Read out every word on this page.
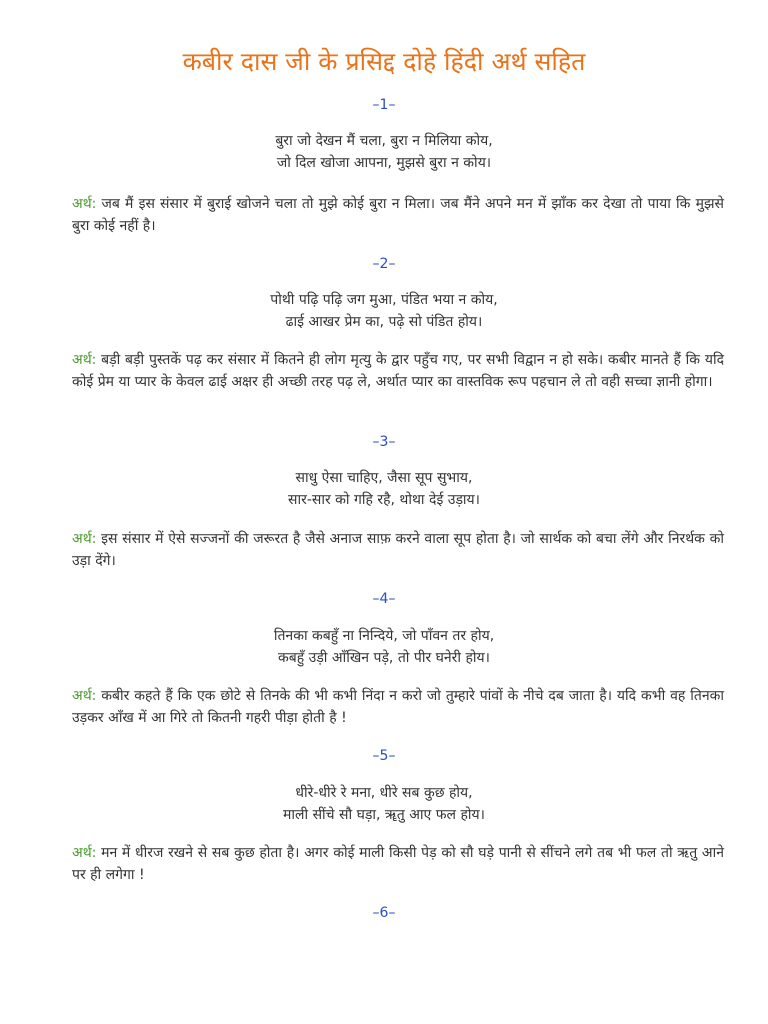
कबीर दास जी के प्रसिद्द दोहे हिंदी अर्थ सहित
–1–
बुरा जो देखन मैं चला, बुरा न मिलिया कोय,
जो दिल खोजा आपना, मुझसे बुरा न कोय।
अर्थ: जब मैं इस संसार में बुराई खोजने चला तो मुझे कोई बुरा न मिला। जब मैंने अपने मन में झाँक कर देखा तो पाया कि मुझसे बुरा कोई नहीं है।
–2–
पोथी पढ़ि पढ़ि जग मुआ, पंडित भया न कोय,
ढाई आखर प्रेम का, पढ़े सो पंडित होय।
अर्थ: बड़ी बड़ी पुस्तकें पढ़ कर संसार में कितने ही लोग मृत्यु के द्वार पहुँच गए, पर सभी विद्वान न हो सके। कबीर मानते हैं कि यदि कोई प्रेम या प्यार के केवल ढाई अक्षर ही अच्छी तरह पढ़ ले, अर्थात प्यार का वास्तविक रूप पहचान ले तो वही सच्चा ज्ञानी होगा।
–3–
साधु ऐसा चाहिए, जैसा सूप सुभाय,
सार-सार को गहि रहै, थोथा देई उड़ाय।
अर्थ: इस संसार में ऐसे सज्जनों की जरूरत है जैसे अनाज साफ़ करने वाला सूप होता है। जो सार्थक को बचा लेंगे और निरर्थक को उड़ा देंगे।
–4–
तिनका कबहुँ ना निन्दिये, जो पाँवन तर होय,
कबहुँ उड़ी आँखिन पड़े, तो पीर घनेरी होय।
अर्थ: कबीर कहते हैं कि एक छोटे से तिनके की भी कभी निंदा न करो जो तुम्हारे पांवों के नीचे दब जाता है। यदि कभी वह तिनका उड़कर आँख में आ गिरे तो कितनी गहरी पीड़ा होती है !
–5–
धीरे-धीरे रे मना, धीरे सब कुछ होय,
माली सींचे सौ घड़ा, ॠतु आए फल होय।
अर्थ: मन में धीरज रखने से सब कुछ होता है। अगर कोई माली किसी पेड़ को सौ घड़े पानी से सींचने लगे तब भी फल तो ऋतु आने पर ही लगेगा !
–6–
